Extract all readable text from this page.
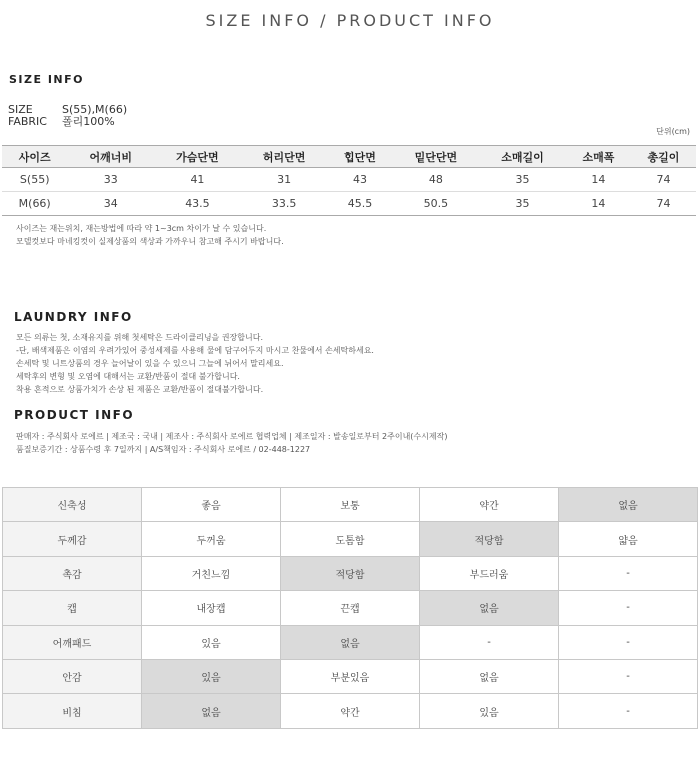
SIZE INFO / PRODUCT INFO
SIZE INFO
SIZE	S(55),M(66)
FABRIC	폴리100%
단위(cm)
사이즈	어깨너비	가슴단면	허리단면	힙단면	밑단단면	소매길이	소매폭	총길이
S(55)	33	41	31	43	48	35	14	74
M(66)	34	43.5	33.5	45.5	50.5	35	14	74
사이즈는 재는위치, 재는방법에 따라 약 1~3cm 차이가 날 수 있습니다.
모델컷보다 마네킹컷이 실제상품의 색상과 가까우니 참고해 주시기 바랍니다.
LAUNDRY INFO
모든 의류는 첫, 소재유지를 위해 첫세탁은 드라이클리닝을 권장합니다.
-단, 배색제품은 이염의 우려가있어 중성세제를 사용해 물에 담구어두지 마시고 찬물에서 손세탁하세요.
손세탁 및 니트상품의 경우 늘어날이 있을 수 있으니 그늘에 뉘어서 말리세요.
세탁후의 변형 및 오염에 대해서는 교환/반품이 절대 불가합니다.
착용 흔적으로 상품가치가 손상 된 제품은 교환/반품이 절대불가합니다.
PRODUCT INFO
판매자 : 주식회사 로에르 | 제조국 : 국내 | 제조사 : 주식회사 로에르 협력업체 | 제조일자 : 발송일로부터 2주이내(수시제작)
품질보증기간 : 상품수령 후 7일까지 | A/S책임자 : 주식회사 로에르 / 02-448-1227
신축성	좋음	보통	약간	없음
두께감	두꺼움	도톰함	적당함	얇음
촉감	거친느낌	적당함	부드러움	-
캡	내장캡	끈캡	없음	-
어깨패드	있음	없음	-	-
안감	있음	부분있음	없음	-
비침	없음	약간	있음	-
